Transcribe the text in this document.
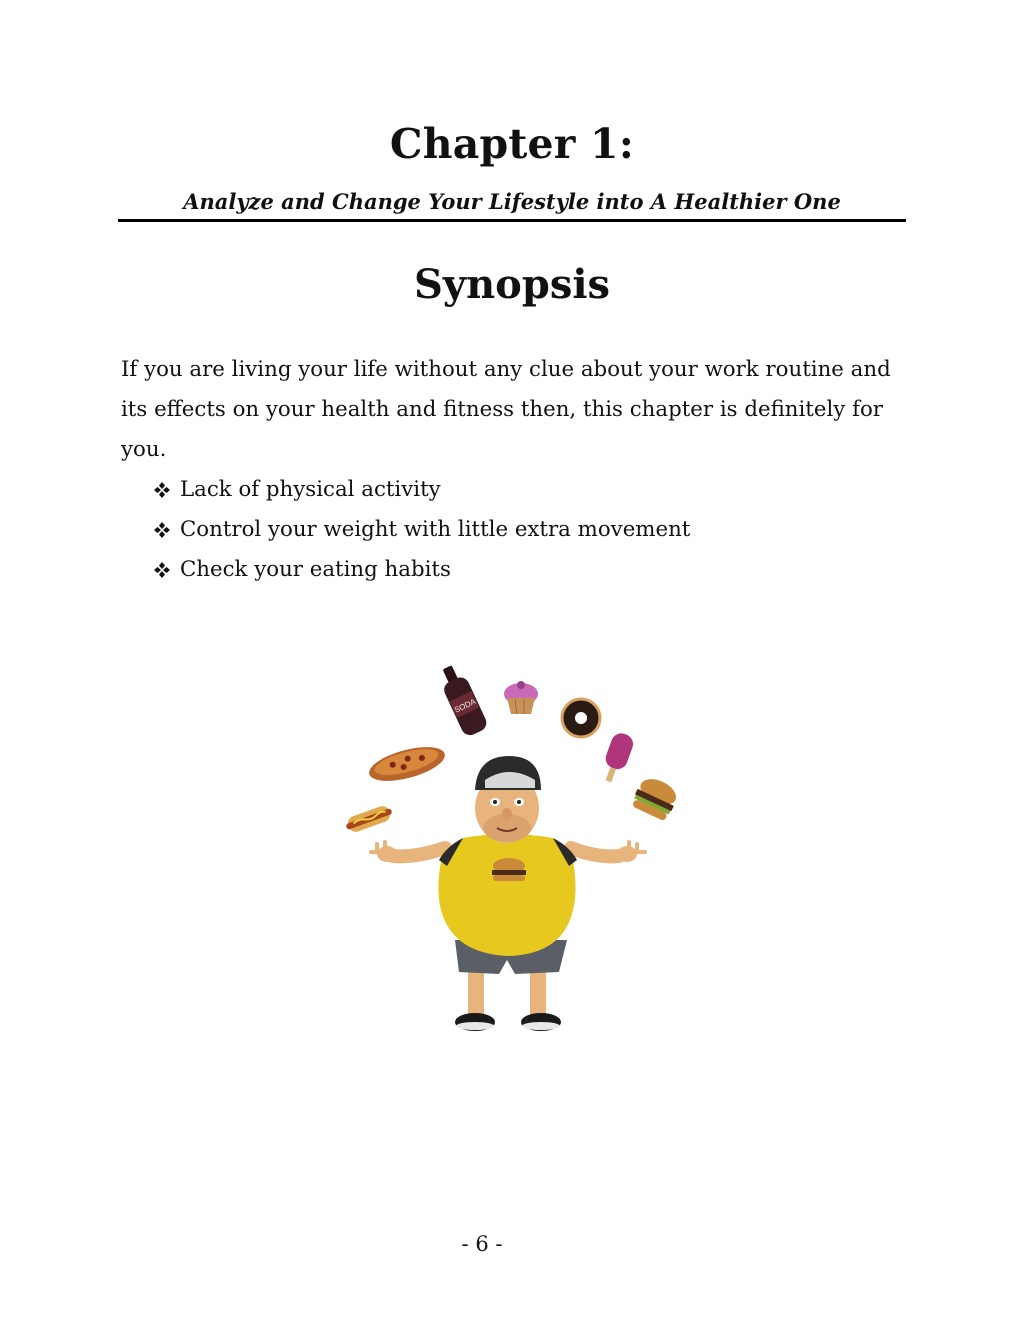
Chapter 1:
Analyze and Change Your Lifestyle into A Healthier One
Synopsis

If you are living your life without any clue about your work routine and its effects on your health and fitness then, this chapter is definitely for you.

Lack of physical activity
Control your weight with little extra movement
Check your eating habits
SODA
- 6 -
